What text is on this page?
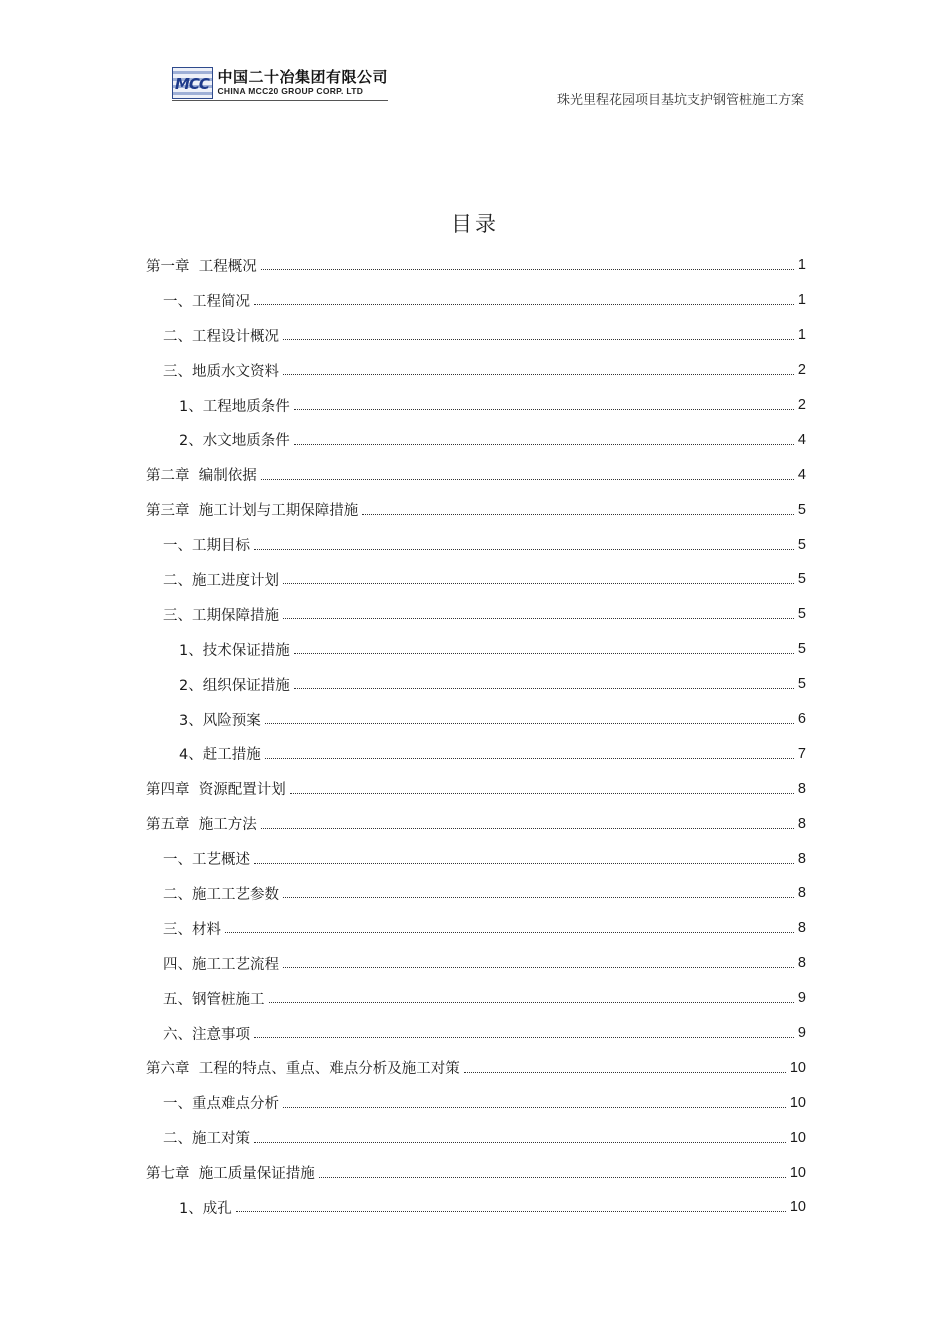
MCC 中国二十冶集团有限公司
CHINA MCC20 GROUP CORP. LTD
珠光里程花园项目基坑支护钢管桩施工方案
目录
第一章  工程概况	1
一、工程简况	1
二、工程设计概况	1
三、地质水文资料	2
1、工程地质条件	2
2、水文地质条件	4
第二章  编制依据	4
第三章  施工计划与工期保障措施	5
一、工期目标	5
二、施工进度计划	5
三、工期保障措施	5
1、技术保证措施	5
2、组织保证措施	5
3、风险预案	6
4、赶工措施	7
第四章  资源配置计划	8
第五章  施工方法	8
一、工艺概述	8
二、施工工艺参数	8
三、材料	8
四、施工工艺流程	8
五、钢管桩施工	9
六、注意事项	9
第六章  工程的特点、重点、难点分析及施工对策	10
一、重点难点分析	10
二、施工对策	10
第七章  施工质量保证措施	10
1、成孔	10
